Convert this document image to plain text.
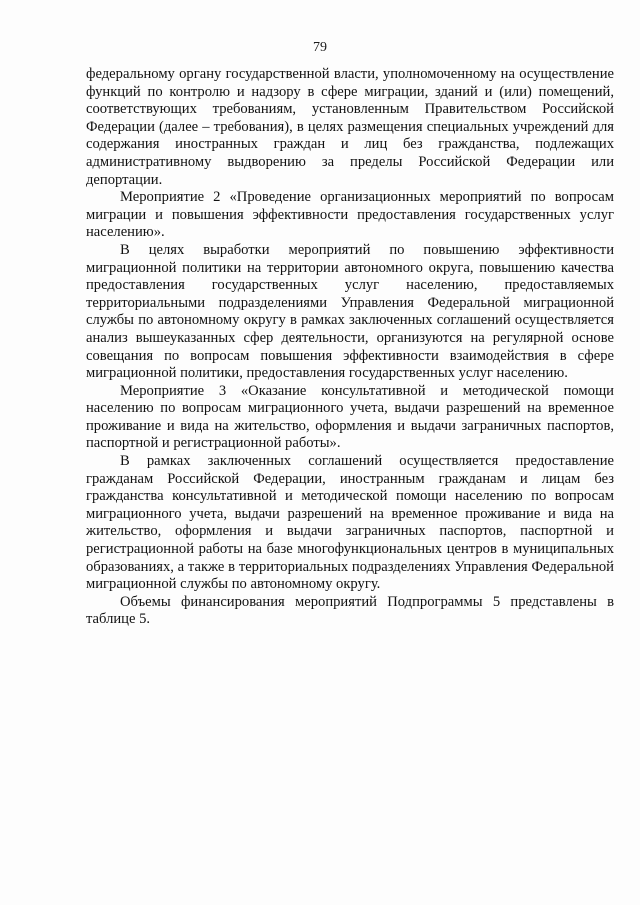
79

федеральному органу государственной власти, уполномоченному на осуществление функций по контролю и надзору в сфере миграции, зданий и (или) помещений, соответствующих требованиям, установленным Правительством Российской Федерации (далее – требования), в целях размещения специальных учреждений для содержания иностранных граждан и лиц без гражданства, подлежащих административному выдворению за пределы Российской Федерации или депортации.

Мероприятие 2 «Проведение организационных мероприятий по вопросам миграции и повышения эффективности предоставления государственных услуг населению».

В целях выработки мероприятий по повышению эффективности миграционной политики на территории автономного округа, повышению качества предоставления государственных услуг населению, предоставляемых территориальными подразделениями Управления Федеральной миграционной службы по автономному округу в рамках заключенных соглашений осуществляется анализ вышеуказанных сфер деятельности, организуются на регулярной основе совещания по вопросам повышения эффективности взаимодействия в сфере миграционной политики, предоставления государственных услуг населению.

Мероприятие 3 «Оказание консультативной и методической помощи населению по вопросам миграционного учета, выдачи разрешений на временное проживание и вида на жительство, оформления и выдачи заграничных паспортов, паспортной и регистрационной работы».

В рамках заключенных соглашений осуществляется предоставление гражданам Российской Федерации, иностранным гражданам и лицам без гражданства консультативной и методической помощи населению по вопросам миграционного учета, выдачи разрешений на временное проживание и вида на жительство, оформления и выдачи заграничных паспортов, паспортной и регистрационной работы на базе многофункциональных центров в муниципальных образованиях, а также в территориальных подразделениях Управления Федеральной миграционной службы по автономному округу.

Объемы финансирования мероприятий Подпрограммы 5 представлены в таблице 5.
